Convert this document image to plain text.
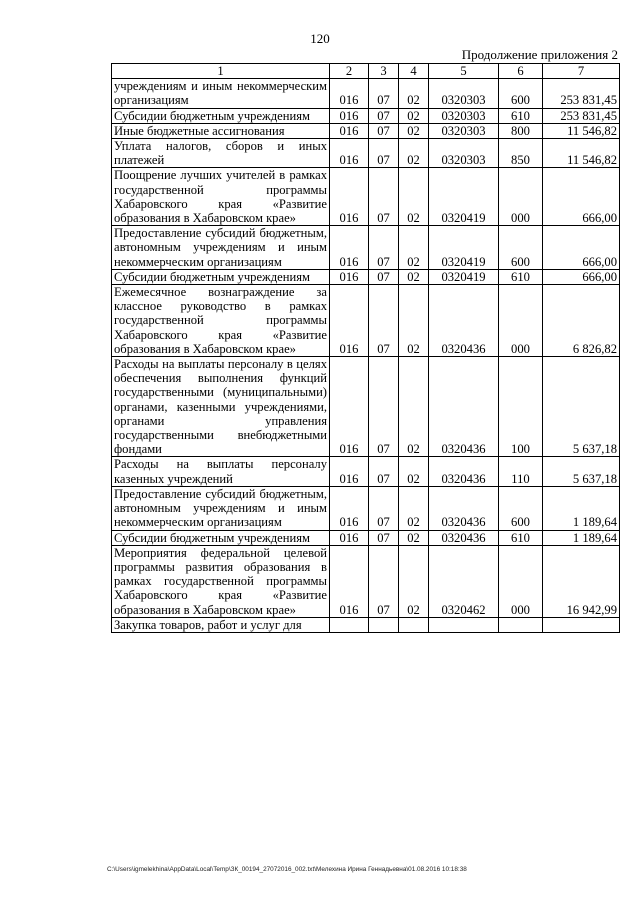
120
Продолжение приложения 2
1	2	3	4	5	6	7
учреждениям и иным некоммерческим организациям	016	07	02	0320303	600	253 831,45
Субсидии бюджетным учреждениям	016	07	02	0320303	610	253 831,45
Иные бюджетные ассигнования	016	07	02	0320303	800	11 546,82
Уплата налогов, сборов и иных платежей	016	07	02	0320303	850	11 546,82
Поощрение лучших учителей в рамках государственной программы Хабаровского края «Развитие образования в Хабаровском крае»	016	07	02	0320419	000	666,00
Предоставление субсидий бюджетным, автономным учреждениям и иным некоммерческим организациям	016	07	02	0320419	600	666,00
Субсидии бюджетным учреждениям	016	07	02	0320419	610	666,00
Ежемесячное вознаграждение за классное руководство в рамках государственной программы Хабаровского края «Развитие образования в Хабаровском крае»	016	07	02	0320436	000	6 826,82
Расходы на выплаты персоналу в целях обеспечения выполнения функций государственными (муниципальными) органами, казенными учреждениями, органами управления государственными внебюджетными фондами	016	07	02	0320436	100	5 637,18
Расходы на выплаты персоналу казенных учреждений	016	07	02	0320436	110	5 637,18
Предоставление субсидий бюджетным, автономным учреждениям и иным некоммерческим организациям	016	07	02	0320436	600	1 189,64
Субсидии бюджетным учреждениям	016	07	02	0320436	610	1 189,64
Мероприятия федеральной целевой программы развития образования в рамках государственной программы Хабаровского края «Развитие образования в Хабаровском крае»	016	07	02	0320462	000	16 942,99
Закупка товаров, работ и услуг для						
C:\Users\igmelekhina\AppData\Local\Temp\ЗК_00194_27072016_002.txt\Мелехина Ирина Геннадьевна\01.08.2016 10:18:38
